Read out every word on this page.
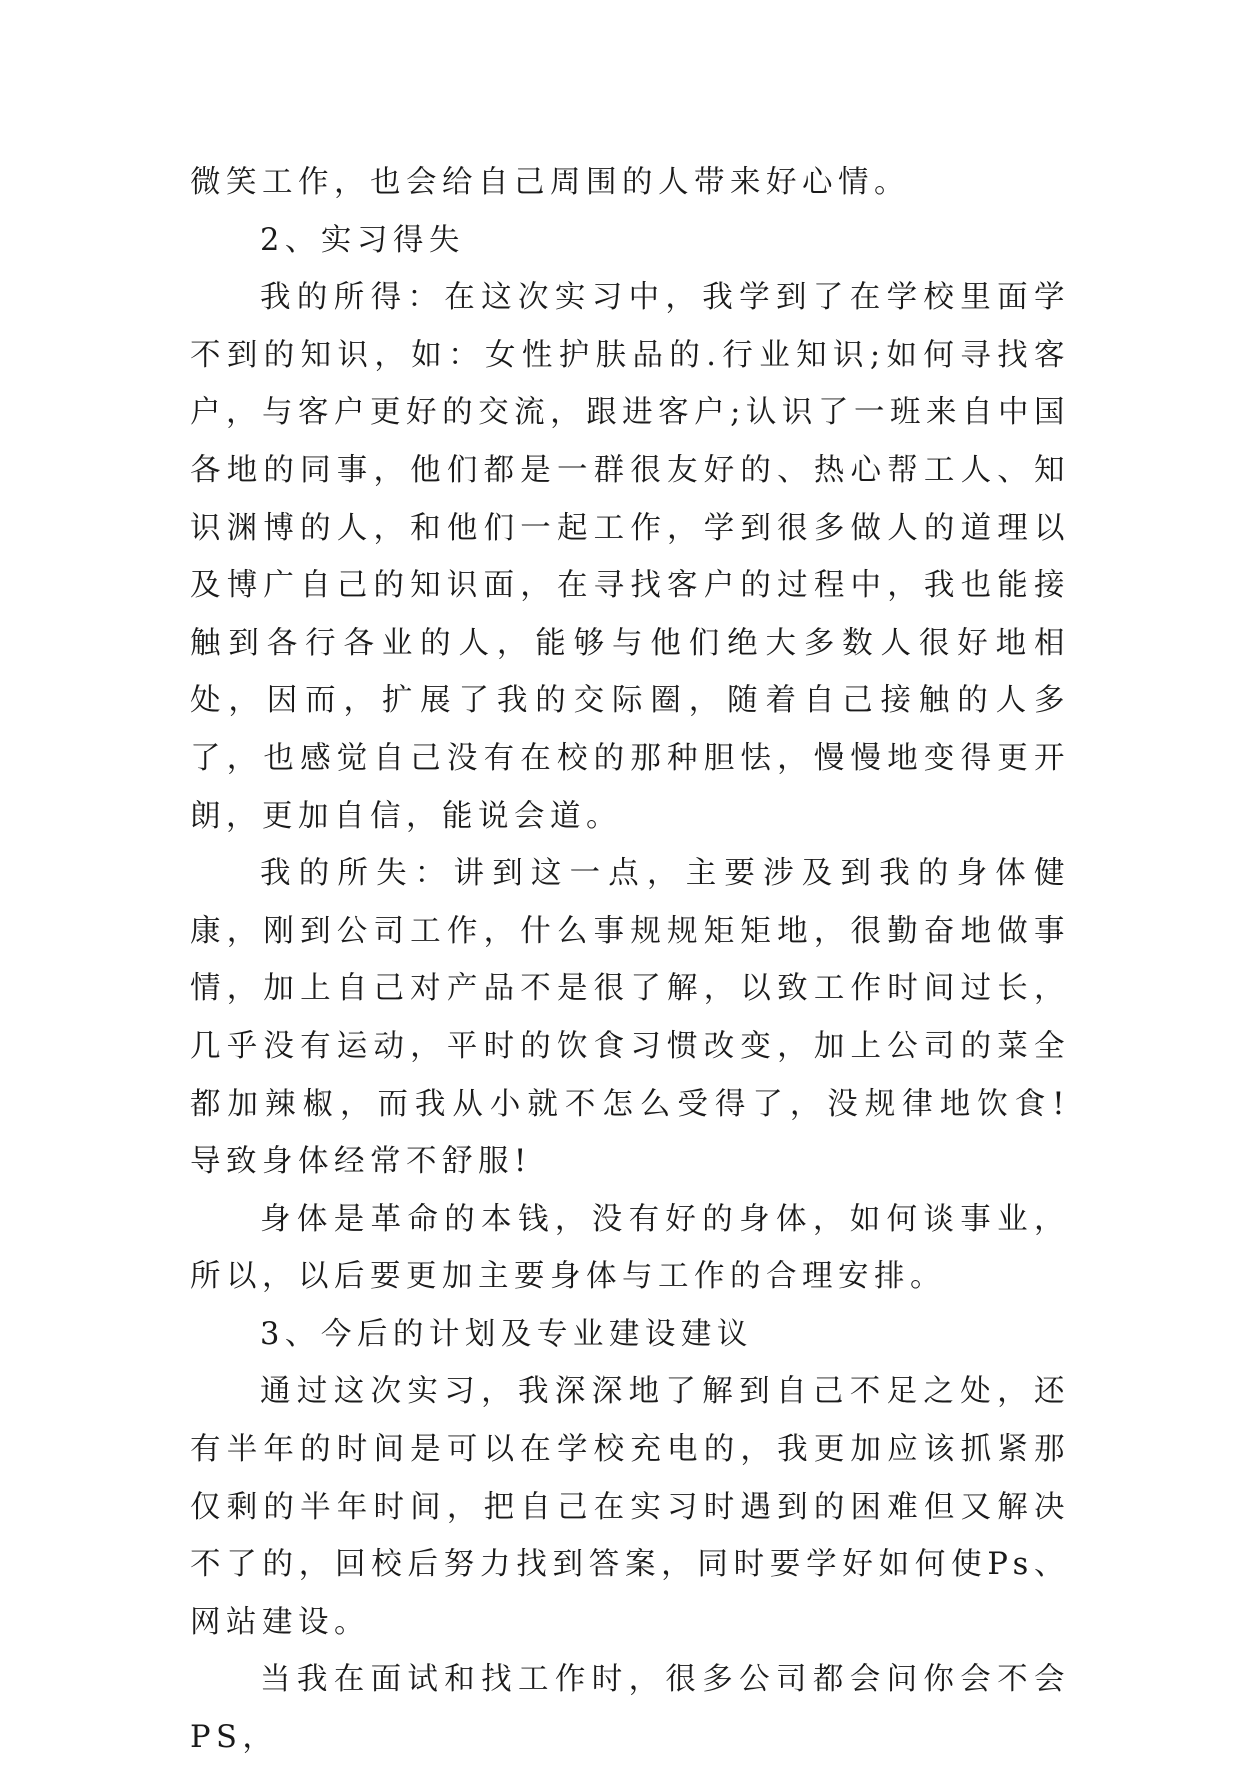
微笑工作，也会给自己周围的人带来好心情。

2、实习得失

我的所得：在这次实习中，我学到了在学校里面学不到的知识，如：女性护肤品的.行业知识;如何寻找客户，与客户更好的交流，跟进客户;认识了一班来自中国各地的同事，他们都是一群很友好的、热心帮工人、知识渊博的人，和他们一起工作，学到很多做人的道理以及博广自己的知识面，在寻找客户的过程中，我也能接触到各行各业的人，能够与他们绝大多数人很好地相处，因而，扩展了我的交际圈，随着自己接触的人多了，也感觉自己没有在校的那种胆怯，慢慢地变得更开朗，更加自信，能说会道。

我的所失：讲到这一点，主要涉及到我的身体健康，刚到公司工作，什么事规规矩矩地，很勤奋地做事情，加上自己对产品不是很了解，以致工作时间过长，几乎没有运动，平时的饮食习惯改变，加上公司的菜全都加辣椒，而我从小就不怎么受得了，没规律地饮食!导致身体经常不舒服!

身体是革命的本钱，没有好的身体，如何谈事业，所以，以后要更加主要身体与工作的合理安排。

3、今后的计划及专业建设建议

通过这次实习，我深深地了解到自己不足之处，还有半年的时间是可以在学校充电的，我更加应该抓紧那仅剩的半年时间，把自己在实习时遇到的困难但又解决不了的，回校后努力找到答案，同时要学好如何使Ps、网站建设。

当我在面试和找工作时，很多公司都会问你会不会PS，
